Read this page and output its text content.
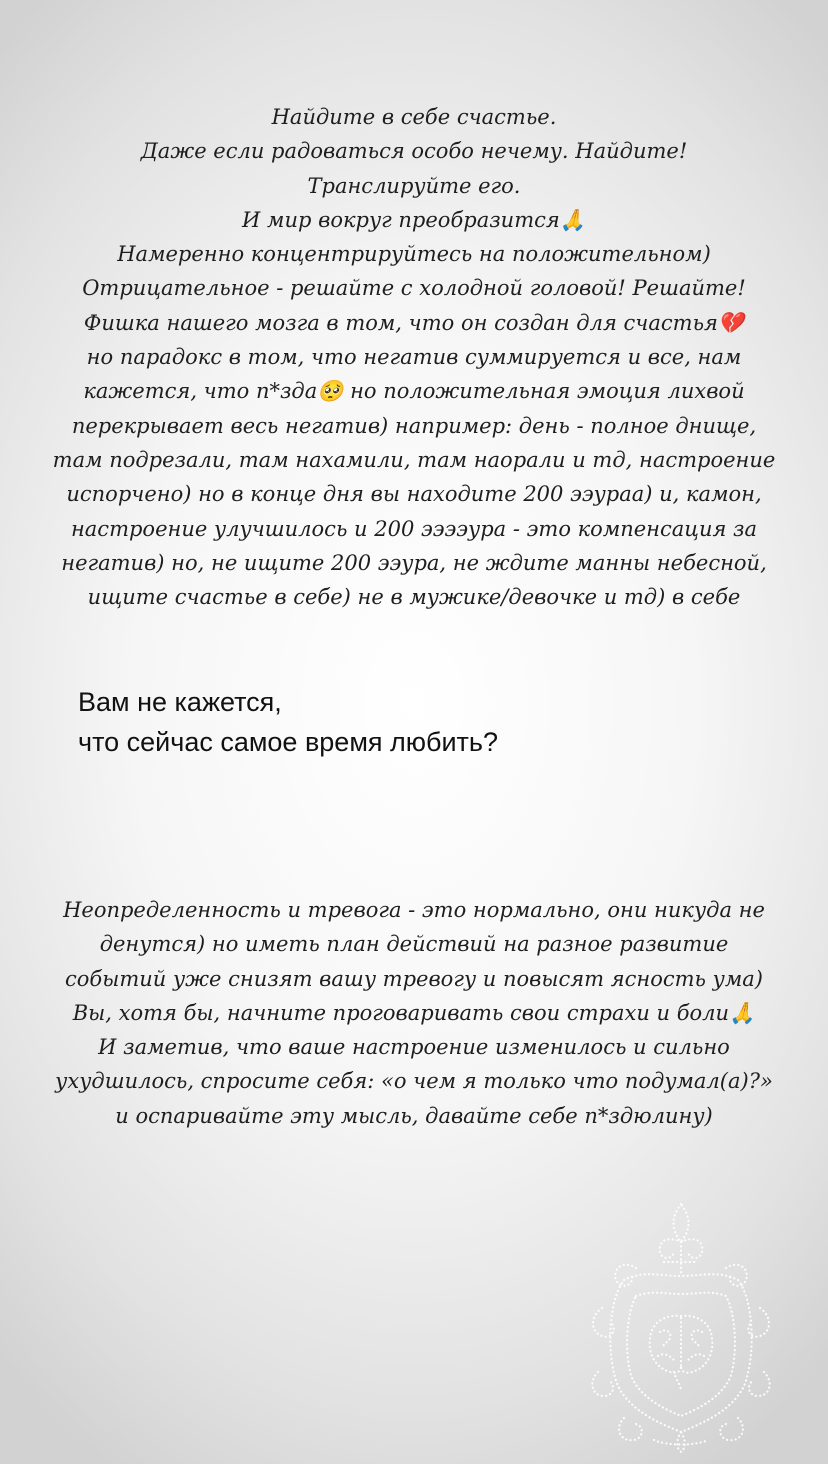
Найдите в себе счастье.
Даже если радоваться особо нечему. Найдите!
Транслируйте его.
И мир вокруг преобразится🙏
Намеренно концентрируйтесь на положительном)
Отрицательное - решайте с холодной головой! Решайте!
Фишка нашего мозга в том, что он создан для счастья💔
но парадокс в том, что негатив суммируется и все, нам
кажется, что п*зда🥺 но положительная эмоция лихвой
перекрывает весь негатив) например: день - полное днище,
там подрезали, там нахамили, там наорали и тд, настроение
испорчено) но в конце дня вы находите 200 ээураа) и, камон,
настроение улучшилось и 200 ээээура - это компенсация за
негатив) но, не ищите 200 ээура, не ждите манны небесной,
ищите счастье в себе) не в мужике/девочке и тд) в себе
Вам не кажется,
что сейчас самое время любить?
Неопределенность и тревога - это нормально, они никуда не
денутся) но иметь план действий на разное развитие
событий уже снизят вашу тревогу и повысят ясность ума)
Вы, хотя бы, начните проговаривать свои страхи и боли🙏
И заметив, что ваше настроение изменилось и сильно
ухудшилось, спросите себя: «о чем я только что подумал(а)?»
и оспаривайте эту мысль, давайте себе п*здюлину)
